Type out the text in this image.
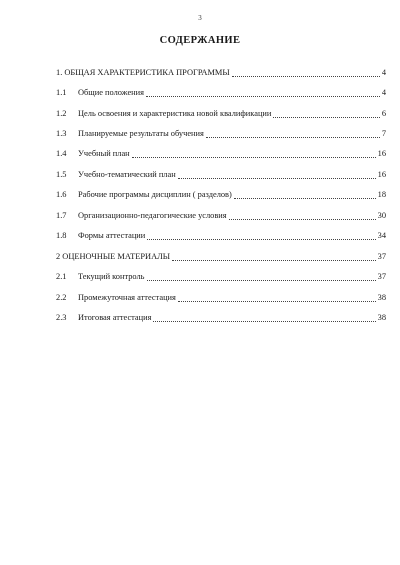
3
СОДЕРЖАНИЕ
1. ОБЩАЯ ХАРАКТЕРИСТИКА ПРОГРАММЫ	4
1.1	Общие положения	4
1.2	Цель освоения и характеристика новой квалификации	6
1.3	Планируемые результаты обучения	7
1.4	Учебный план	16
1.5	Учебно-тематический план	16
1.6	Рабочие программы дисциплин ( разделов)	18
1.7	Организационно-педагогические условия	30
1.8	Формы аттестации	34
2 ОЦЕНОЧНЫЕ МАТЕРИАЛЫ	37
2.1	Текущий контроль	37
2.2	Промежуточная аттестация	38
2.3	Итоговая аттестация	38
